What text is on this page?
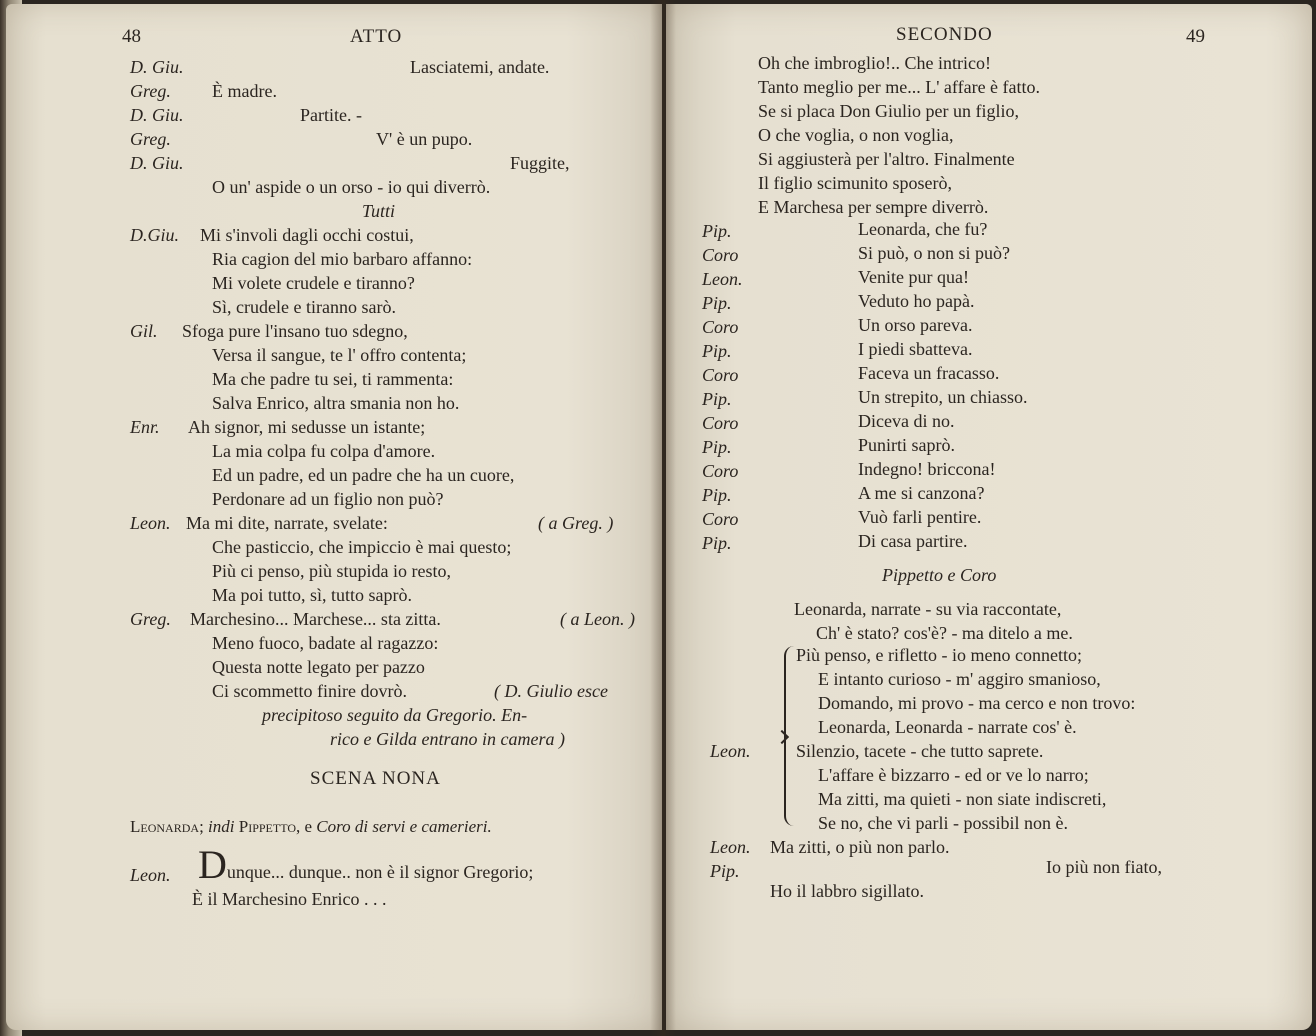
48	ATTO
D. Giu.	Lasciatemi, andate.
Greg. È madre.
D. Giu.	Partite. -
Greg.	V' è un pupo.
D. Giu.	Fuggite,
O un' aspide o un orso - io qui diverrò.
Tutti
D.Giu. Mi s'involi dagli occhi costui,
Ria cagion del mio barbaro affanno:
Mi volete crudele e tiranno?
Sì, crudele e tiranno sarò.
Gil. Sfoga pure l'insano tuo sdegno,
Versa il sangue, te l' offro contenta;
Ma che padre tu sei, ti rammenta:
Salva Enrico, altra smania non ho.
Enr. Ah signor, mi sedusse un istante;
La mia colpa fu colpa d'amore.
Ed un padre, ed un padre che ha un cuore,
Perdonare ad un figlio non può?
Leon. Ma mi dite, narrate, svelate:	( a Greg. )
Che pasticcio, che impiccio è mai questo;
Più ci penso, più stupida io resto,
Ma poi tutto, sì, tutto saprò.
Greg. Marchesino... Marchese... sta zitta.	( a Leon. )
Meno fuoco, badate al ragazzo:
Questa notte legato per pazzo
Ci scommetto finire dovrò.	( D. Giulio esce
precipitoso seguito da Gregorio. En-
rico e Gilda entrano in camera )
SCENA NONA
Leonarda; indi Pippetto, e Coro di servi e camerieri.
Leon. Dunque... dunque.. non è il signor Gregorio;
È il Marchesino Enrico . . .
SECONDO	49
Oh che imbroglio!.. Che intrico!
Tanto meglio per me... L' affare è fatto.
Se si placa Don Giulio per un figlio,
O che voglia, o non voglia,
Si aggiusterà per l'altro. Finalmente
Il figlio scimunito sposerò,
E Marchesa per sempre diverrò.
Pip.	Leonarda, che fu?
Coro	Si può, o non si può?
Leon.	Venite pur qua!
Pip.	Veduto ho papà.
Coro	Un orso pareva.
Pip.	I piedi sbatteva.
Coro	Faceva un fracasso.
Pip.	Un strepito, un chiasso.
Coro	Diceva di no.
Pip.	Punirti saprò.
Coro	Indegno! briccona!
Pip.	A me si canzona?
Coro	Vuò farli pentire.
Pip.	Di casa partire.
Pippetto e Coro
Leonarda, narrate - su via raccontate,
Ch' è stato? cos'è? - ma ditelo a me.
Più penso, e rifletto - io meno connetto;
E intanto curioso - m' aggiro smanioso,
Domando, mi provo - ma cerco e non trovo:
Leonarda, Leonarda - narrate cos' è.
Leon.	Silenzio, tacete - che tutto saprete.
L'affare è bizzarro - ed or ve lo narro;
Ma zitti, ma quieti - non siate indiscreti,
Se no, che vi parli - possibil non è.
Leon. Ma zitti, o più non parlo.
Pip.	Io più non fiato,
Ho il labbro sigillato.
